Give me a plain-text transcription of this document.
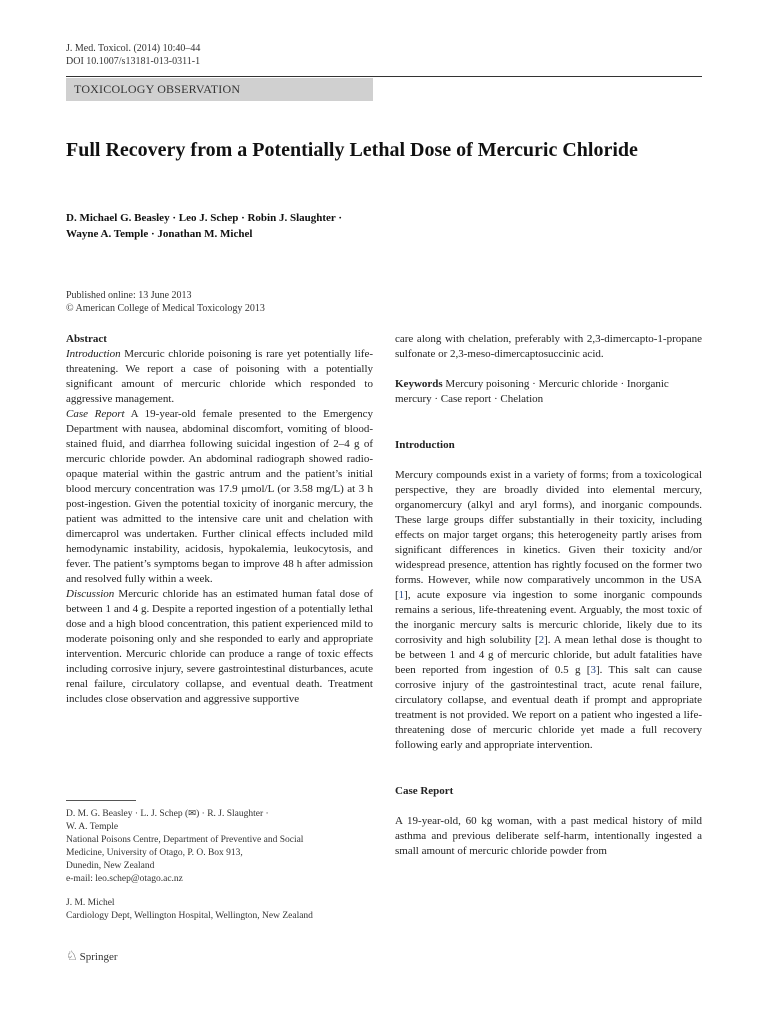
J. Med. Toxicol. (2014) 10:40–44
DOI 10.1007/s13181-013-0311-1
TOXICOLOGY OBSERVATION
Full Recovery from a Potentially Lethal Dose of Mercuric Chloride
D. Michael G. Beasley · Leo J. Schep · Robin J. Slaughter ·
Wayne A. Temple · Jonathan M. Michel
Published online: 13 June 2013
© American College of Medical Toxicology 2013

Abstract

Introduction Mercuric chloride poisoning is rare yet potentially life-threatening. We report a case of poisoning with a potentially significant amount of mercuric chloride which responded to aggressive management.

Case Report A 19-year-old female presented to the Emergency Department with nausea, abdominal discomfort, vomiting of blood-stained fluid, and diarrhea following suicidal ingestion of 2–4 g of mercuric chloride powder. An abdominal radiograph showed radio-opaque material within the gastric antrum and the patient’s initial blood mercury concentration was 17.9 µmol/L (or 3.58 mg/L) at 3 h post-ingestion. Given the potential toxicity of inorganic mercury, the patient was admitted to the intensive care unit and chelation with dimercaprol was undertaken. Further clinical effects included mild hemodynamic instability, acidosis, hypokalemia, leukocytosis, and fever. The patient’s symptoms began to improve 48 h after admission and resolved fully within a week.

Discussion Mercuric chloride has an estimated human fatal dose of between 1 and 4 g. Despite a reported ingestion of a potentially lethal dose and a high blood concentration, this patient experienced mild to moderate poisoning only and she responded to early and appropriate intervention. Mercuric chloride can produce a range of toxic effects including corrosive injury, severe gastrointestinal disturbances, acute renal failure, circulatory collapse, and eventual death. Treatment includes close observation and aggressive supportive

care along with chelation, preferably with 2,3-dimercapto-1-propane sulfonate or 2,3-meso-dimercaptosuccinic acid.

Keywords Mercury poisoning · Mercuric chloride · Inorganic mercury · Case report · Chelation

Introduction

Mercury compounds exist in a variety of forms; from a toxicological perspective, they are broadly divided into elemental mercury, organomercury (alkyl and aryl forms), and inorganic compounds. These large groups differ substantially in their toxicity, including effects on major target organs; this heterogeneity partly arises from significant differences in kinetics. Given their toxicity and/or widespread presence, attention has rightly focused on the former two forms. However, while now comparatively uncommon in the USA [1], acute exposure via ingestion to some inorganic compounds remains a serious, life-threatening event. Arguably, the most toxic of the inorganic mercury salts is mercuric chloride, likely due to its corrosivity and high solubility [2]. A mean lethal dose is thought to be between 1 and 4 g of mercuric chloride, but adult fatalities have been reported from ingestion of 0.5 g [3]. This salt can cause corrosive injury of the gastrointestinal tract, acute renal failure, circulatory collapse, and eventual death if prompt and appropriate treatment is not provided. We report on a patient who ingested a life-threatening dose of mercuric chloride yet made a full recovery following early and appropriate intervention.

Case Report

A 19-year-old, 60 kg woman, with a past medical history of mild asthma and previous deliberate self-harm, intentionally ingested a small amount of mercuric chloride powder from

D. M. G. Beasley · L. J. Schep (✉) · R. J. Slaughter ·

W. A. Temple

National Poisons Centre, Department of Preventive and Social

Medicine, University of Otago, P. O. Box 913,

Dunedin, New Zealand

e-mail: leo.schep@otago.ac.nz

J. M. Michel

Cardiology Dept, Wellington Hospital, Wellington, New Zealand

♘ Springer
